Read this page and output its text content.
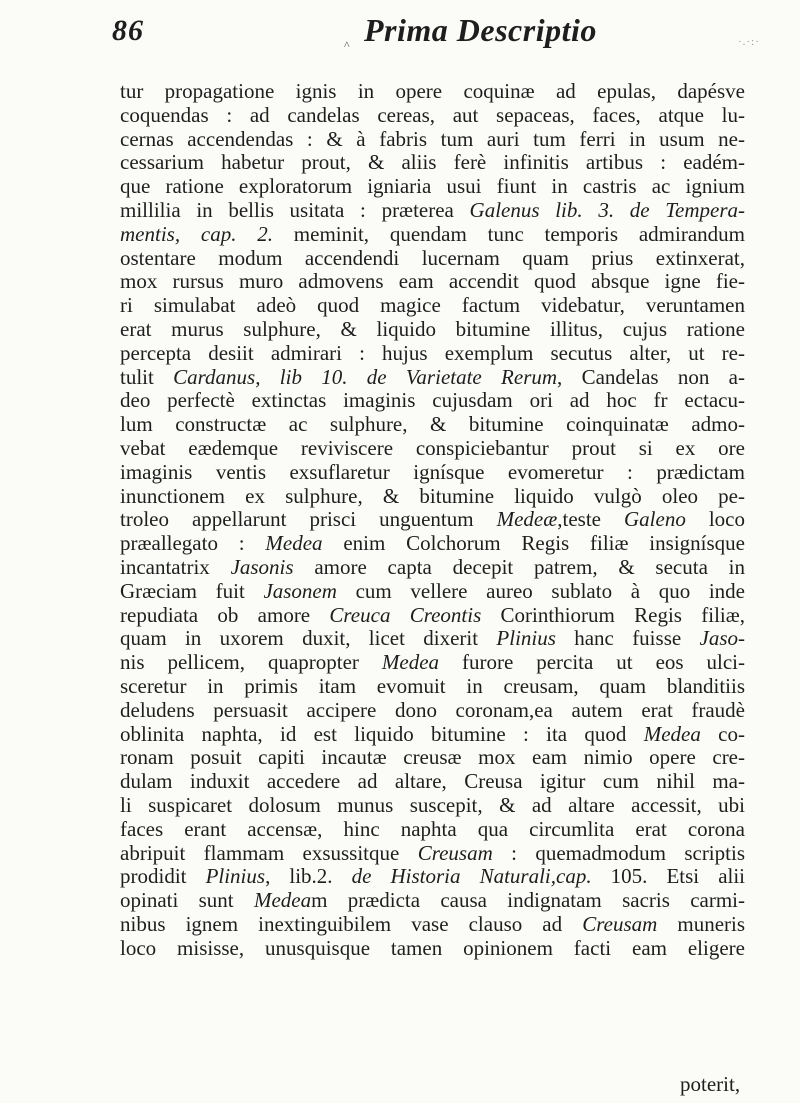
86	^ Prima Descriptio	·.·:·
tur propagatione ignis in opere coquinæ ad epulas, dapésve
coquendas : ad candelas cereas, aut sepaceas, faces, atque lu-
cernas accendendas : & à fabris tum auri tum ferri in usum ne-
cessarium habetur prout, & aliis ferè infinitis artibus : eadém-
que ratione exploratorum igniaria usui fiunt in castris ac ignium
millilia in bellis usitata : præterea Galenus lib. 3. de Tempera-
mentis, cap. 2. meminit, quendam tunc temporis admirandum
ostentare modum accendendi lucernam quam prius extinxerat,
mox rursus muro admovens eam accendit quod absque igne fie-
ri simulabat adeò quod magice factum videbatur, veruntamen
erat murus sulphure, & liquido bitumine illitus, cujus ratione
percepta desiit admirari : hujus exemplum secutus alter, ut re-
tulit Cardanus, lib 10. de Varietate Rerum, Candelas non a-
deo perfectè extinctas imaginis cujusdam ori ad hoc fr ectacu-
lum constructæ ac sulphure, & bitumine coinquinatæ admo-
vebat eædemque reviviscere conspiciebantur prout si ex ore
imaginis ventis exsuflaretur ignísque evomeretur : prædictam
inunctionem ex sulphure, & bitumine liquido vulgò oleo pe-
troleo appellarunt prisci unguentum Medeæ,teste Galeno loco
præallegato : Medea enim Colchorum Regis filiæ insignísque
incantatrix Jasonis amore capta decepit patrem, & secuta in
Græciam fuit Jasonem cum vellere aureo sublato à quo inde
repudiata ob amore Creuca Creontis Corinthiorum Regis filiæ,
quam in uxorem duxit, licet dixerit Plinius hanc fuisse Jaso-
nis pellicem, quapropter Medea furore percita ut eos ulci-
sceretur in primis itam evomuit in creusam, quam blanditiis
deludens persuasit accipere dono coronam,ea autem erat fraudè
oblinita naphta, id est liquido bitumine : ita quod Medea co-
ronam posuit capiti incautæ creusæ mox eam nimio opere cre-
dulam induxit accedere ad altare, Creusa igitur cum nihil ma-
li suspicaret dolosum munus suscepit, & ad altare accessit, ubi
faces erant accensæ, hinc naphta qua circumlita erat corona
abripuit flammam exsussitque Creusam : quemadmodum scriptis
prodidit Plinius, lib.2. de Historia Naturali,cap. 105. Etsi alii
opinati sunt Medeam prædicta causa indignatam sacris carmi-
nibus ignem inextinguibilem vase clauso ad Creusam muneris
loco misisse, unusquisque tamen opinionem facti eam eligere
poterit,
